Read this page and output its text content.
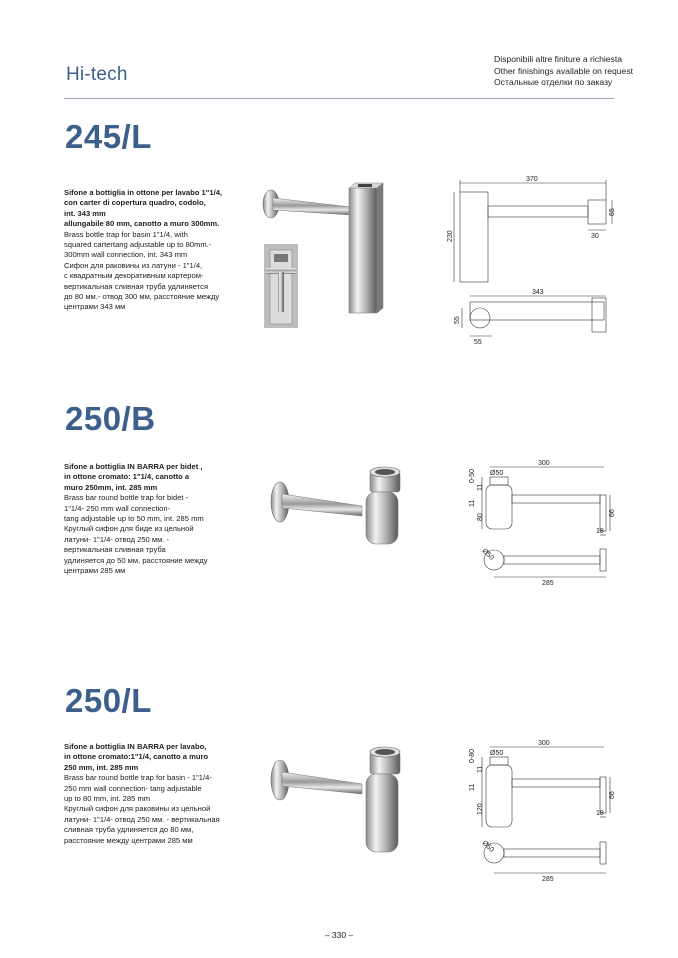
Hi-tech
Disponibili altre finiture a richiesta
Other finishings available on request
Остальные отделки по заказу
245/L
Sifone a bottiglia in ottone per lavabo 1"1/4,
con carter di copertura quadro, codolo,
int. 343 mm
allungabile 80 mm, canotto a muro 300mm.
Brass bottle trap for basin 1"1/4, with
squared cartertang adjustable up to 80mm.-
300mm wall connection, int. 343 mm
Сифон для раковины из латуни - 1"1/4,
с квадратным декоративным картером-
вертикальная сливная труба удлиняется
до 80 мм.- отвод 300 мм, расстояние между
центрами 343 мм
370
65
230	30
343
55
55
250/B
Sifone a bottiglia IN BARRA per bidet ,
in ottone cromato: 1"1/4, canotto a
muro 250mm, int. 285 mm
Brass bar round bottle trap for bidet -
1"1/4- 250 mm wall connection-
tang adjustable up to 50 mm, int. 285 mm
Круглый сифон для биде из цельной
латуни- 1"1/4- отвод 250 мм. -
вертикальная сливная труба
удлиняется до 50 мм, расстояние между
центрами 285 мм
300
Ø50
0-50
11
11
80
66
18
Ø50
285
250/L
Sifone a bottiglia IN BARRA per lavabo,
in ottone cromato:1"1/4, canotto a muro
250 mm, int. 285 mm
Brass bar round bottle trap for basin - 1"1/4-
250 mm wall connection- tang adjustable
up to 80 mm, int. 285 mm
Круглый сифон для раковины из цельной
латуни- 1"1/4- отвод 250 мм. - вертикальная
сливная труба удлиняется до 80 мм,
расстояние между центрами 285 мм
300
Ø50
0-80
11
11
120
66
18
Ø50
285
– 330 –
